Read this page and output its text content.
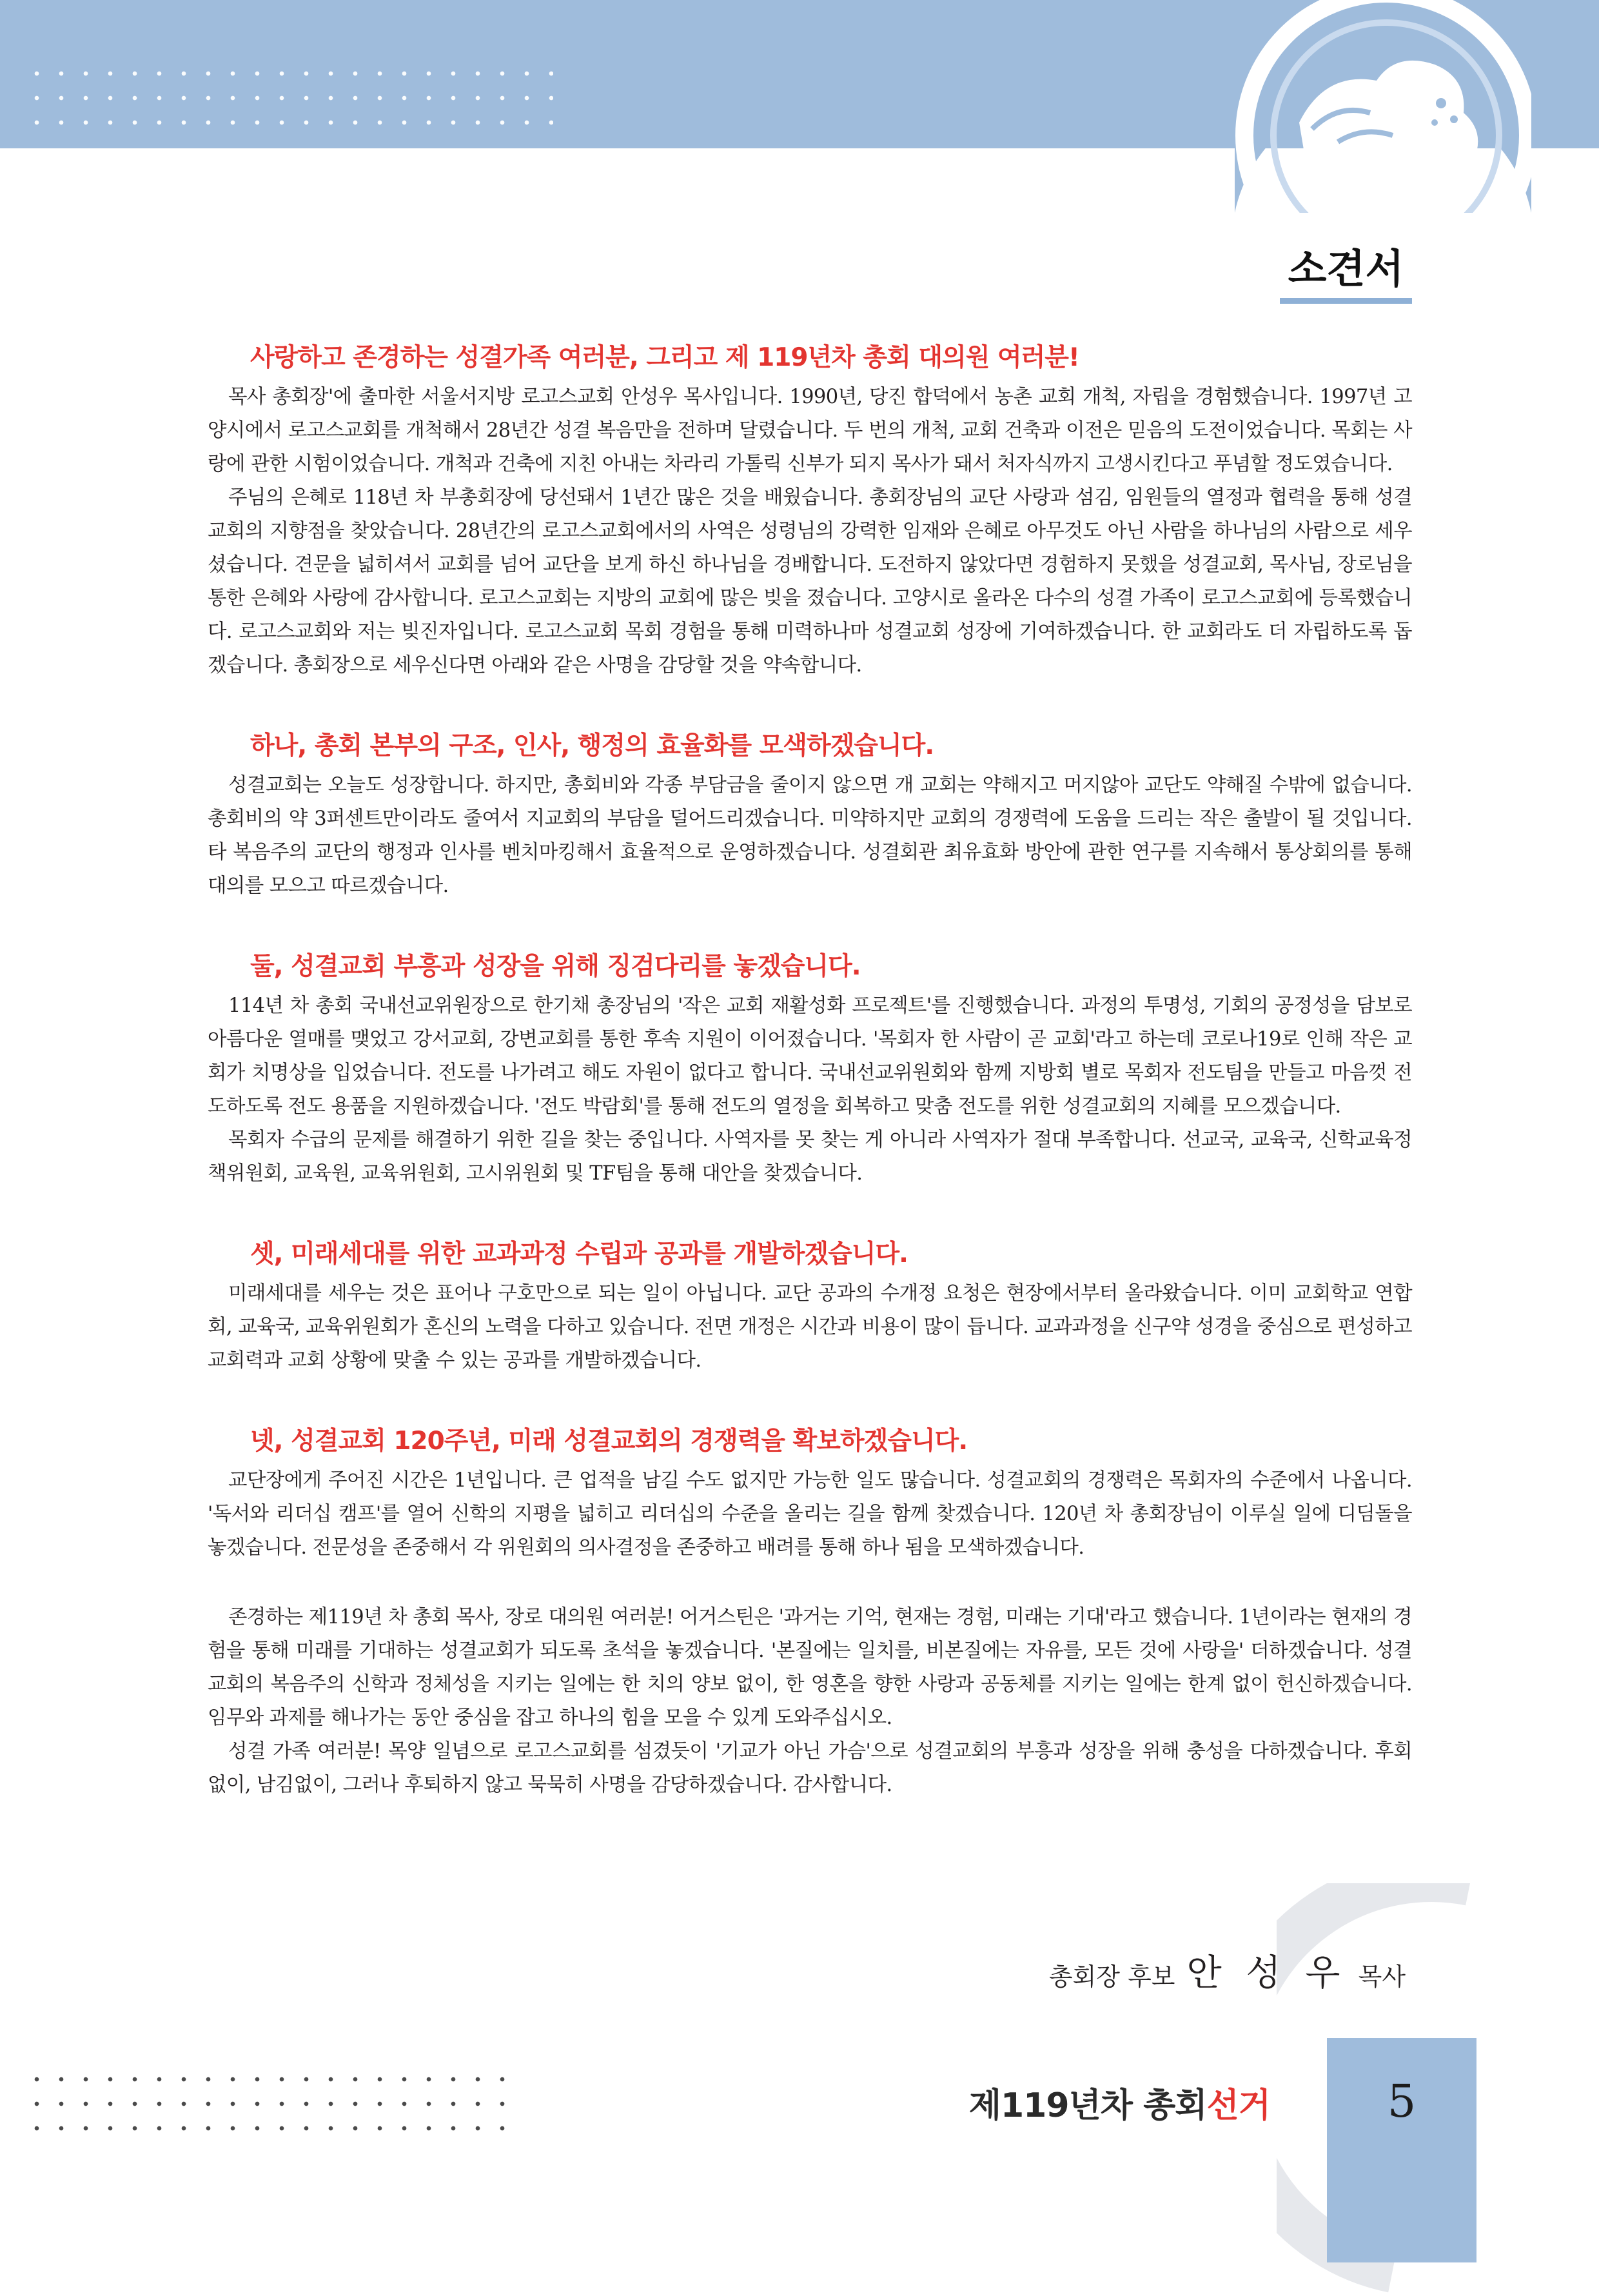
소견서
사랑하고 존경하는 성결가족 여러분, 그리고 제 119년차 총회 대의원 여러분!

목사 총회장'에 출마한 서울서지방 로고스교회 안성우 목사입니다. 1990년, 당진 합덕에서 농촌 교회 개척, 자립을 경험했습니다. 1997년 고양시에서 로고스교회를 개척해서 28년간 성결 복음만을 전하며 달렸습니다. 두 번의 개척, 교회 건축과 이전은 믿음의 도전이었습니다. 목회는 사랑에 관한 시험이었습니다. 개척과 건축에 지친 아내는 차라리 가톨릭 신부가 되지 목사가 돼서 처자식까지 고생시킨다고 푸념할 정도였습니다.

주님의 은혜로 118년 차 부총회장에 당선돼서 1년간 많은 것을 배웠습니다. 총회장님의 교단 사랑과 섬김, 임원들의 열정과 협력을 통해 성결교회의 지향점을 찾았습니다. 28년간의 로고스교회에서의 사역은 성령님의 강력한 임재와 은혜로 아무것도 아닌 사람을 하나님의 사람으로 세우셨습니다. 견문을 넓히셔서 교회를 넘어 교단을 보게 하신 하나님을 경배합니다. 도전하지 않았다면 경험하지 못했을 성결교회, 목사님, 장로님을 통한 은혜와 사랑에 감사합니다. 로고스교회는 지방의 교회에 많은 빚을 졌습니다. 고양시로 올라온 다수의 성결 가족이 로고스교회에 등록했습니다. 로고스교회와 저는 빚진자입니다. 로고스교회 목회 경험을 통해 미력하나마 성결교회 성장에 기여하겠습니다. 한 교회라도 더 자립하도록 돕겠습니다. 총회장으로 세우신다면 아래와 같은 사명을 감당할 것을 약속합니다.

하나, 총회 본부의 구조, 인사, 행정의 효율화를 모색하겠습니다.

성결교회는 오늘도 성장합니다. 하지만, 총회비와 각종 부담금을 줄이지 않으면 개 교회는 약해지고 머지않아 교단도 약해질 수밖에 없습니다. 총회비의 약 3퍼센트만이라도 줄여서 지교회의 부담을 덜어드리겠습니다. 미약하지만 교회의 경쟁력에 도움을 드리는 작은 출발이 될 것입니다. 타 복음주의 교단의 행정과 인사를 벤치마킹해서 효율적으로 운영하겠습니다. 성결회관 최유효화 방안에 관한 연구를 지속해서 통상회의를 통해 대의를 모으고 따르겠습니다.

둘, 성결교회 부흥과 성장을 위해 징검다리를 놓겠습니다.

114년 차 총회 국내선교위원장으로 한기채 총장님의 '작은 교회 재활성화 프로젝트'를 진행했습니다. 과정의 투명성, 기회의 공정성을 담보로 아름다운 열매를 맺었고 강서교회, 강변교회를 통한 후속 지원이 이어졌습니다. '목회자 한 사람이 곧 교회'라고 하는데 코로나19로 인해 작은 교회가 치명상을 입었습니다. 전도를 나가려고 해도 자원이 없다고 합니다. 국내선교위원회와 함께 지방회 별로 목회자 전도팀을 만들고 마음껏 전도하도록 전도 용품을 지원하겠습니다. '전도 박람회'를 통해 전도의 열정을 회복하고 맞춤 전도를 위한 성결교회의 지혜를 모으겠습니다.

목회자 수급의 문제를 해결하기 위한 길을 찾는 중입니다. 사역자를 못 찾는 게 아니라 사역자가 절대 부족합니다. 선교국, 교육국, 신학교육정책위원회, 교육원, 교육위원회, 고시위원회 및 TF팀을 통해 대안을 찾겠습니다.

셋, 미래세대를 위한 교과과정 수립과 공과를 개발하겠습니다.

미래세대를 세우는 것은 표어나 구호만으로 되는 일이 아닙니다. 교단 공과의 수개정 요청은 현장에서부터 올라왔습니다. 이미 교회학교 연합회, 교육국, 교육위원회가 혼신의 노력을 다하고 있습니다. 전면 개정은 시간과 비용이 많이 듭니다. 교과과정을 신구약 성경을 중심으로 편성하고 교회력과 교회 상황에 맞출 수 있는 공과를 개발하겠습니다.

넷, 성결교회 120주년, 미래 성결교회의 경쟁력을 확보하겠습니다.

교단장에게 주어진 시간은 1년입니다. 큰 업적을 남길 수도 없지만 가능한 일도 많습니다. 성결교회의 경쟁력은 목회자의 수준에서 나옵니다. '독서와 리더십 캠프'를 열어 신학의 지평을 넓히고 리더십의 수준을 올리는 길을 함께 찾겠습니다. 120년 차 총회장님이 이루실 일에 디딤돌을 놓겠습니다. 전문성을 존중해서 각 위원회의 의사결정을 존중하고 배려를 통해 하나 됨을 모색하겠습니다.

존경하는 제119년 차 총회 목사, 장로 대의원 여러분! 어거스틴은 '과거는 기억, 현재는 경험, 미래는 기대'라고 했습니다. 1년이라는 현재의 경험을 통해 미래를 기대하는 성결교회가 되도록 초석을 놓겠습니다. '본질에는 일치를, 비본질에는 자유를, 모든 것에 사랑을' 더하겠습니다. 성결교회의 복음주의 신학과 정체성을 지키는 일에는 한 치의 양보 없이, 한 영혼을 향한 사랑과 공동체를 지키는 일에는 한계 없이 헌신하겠습니다. 임무와 과제를 해나가는 동안 중심을 잡고 하나의 힘을 모을 수 있게 도와주십시오.

성결 가족 여러분! 목양 일념으로 로고스교회를 섬겼듯이 '기교가 아닌 가슴'으로 성결교회의 부흥과 성장을 위해 충성을 다하겠습니다. 후회 없이, 남김없이, 그러나 후퇴하지 않고 묵묵히 사명을 감당하겠습니다. 감사합니다.

총회장 후보 안 성 우 목사
제119년차 총회선거	5
